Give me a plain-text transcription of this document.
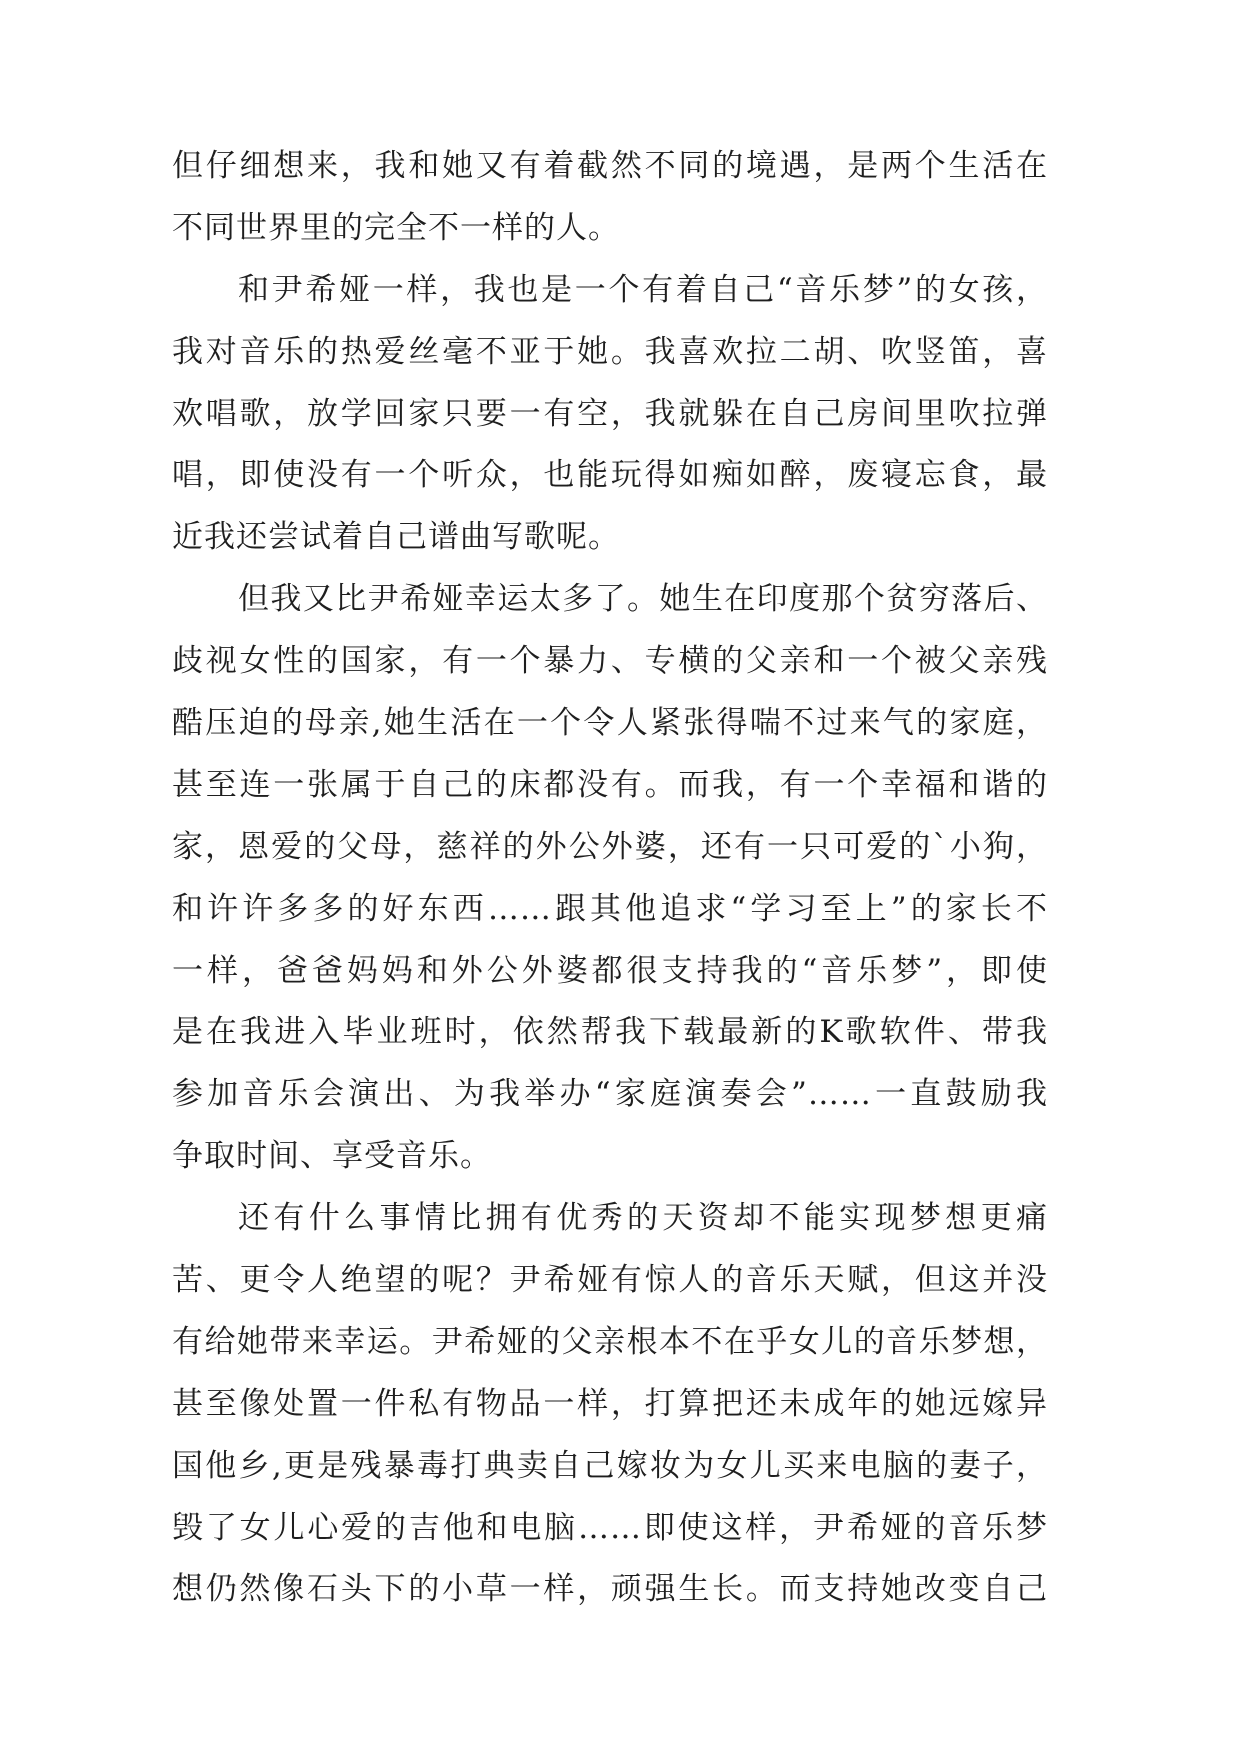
但仔细想来，我和她又有着截然不同的境遇，是两个生活在
不同世界里的完全不一样的人。
和尹希娅一样，我也是一个有着自己“音乐梦”的女孩，
我对音乐的热爱丝毫不亚于她。我喜欢拉二胡、吹竖笛，喜
欢唱歌，放学回家只要一有空，我就躲在自己房间里吹拉弹
唱，即使没有一个听众，也能玩得如痴如醉，废寝忘食，最
近我还尝试着自己谱曲写歌呢。
但我又比尹希娅幸运太多了。她生在印度那个贫穷落后、
歧视女性的国家，有一个暴力、专横的父亲和一个被父亲残
酷压迫的母亲,她生活在一个令人紧张得喘不过来气的家庭，
甚至连一张属于自己的床都没有。而我，有一个幸福和谐的
家，恩爱的父母，慈祥的外公外婆，还有一只可爱的`小狗，
和许许多多的好东西……跟其他追求“学习至上”的家长不
一样，爸爸妈妈和外公外婆都很支持我的“音乐梦”，即使
是在我进入毕业班时，依然帮我下载最新的K歌软件、带我
参加音乐会演出、为我举办“家庭演奏会”……一直鼓励我
争取时间、享受音乐。
还有什么事情比拥有优秀的天资却不能实现梦想更痛
苦、更令人绝望的呢？尹希娅有惊人的音乐天赋，但这并没
有给她带来幸运。尹希娅的父亲根本不在乎女儿的音乐梦想，
甚至像处置一件私有物品一样，打算把还未成年的她远嫁异
国他乡,更是残暴毒打典卖自己嫁妆为女儿买来电脑的妻子，
毁了女儿心爱的吉他和电脑……即使这样，尹希娅的音乐梦
想仍然像石头下的小草一样，顽强生长。而支持她改变自己
